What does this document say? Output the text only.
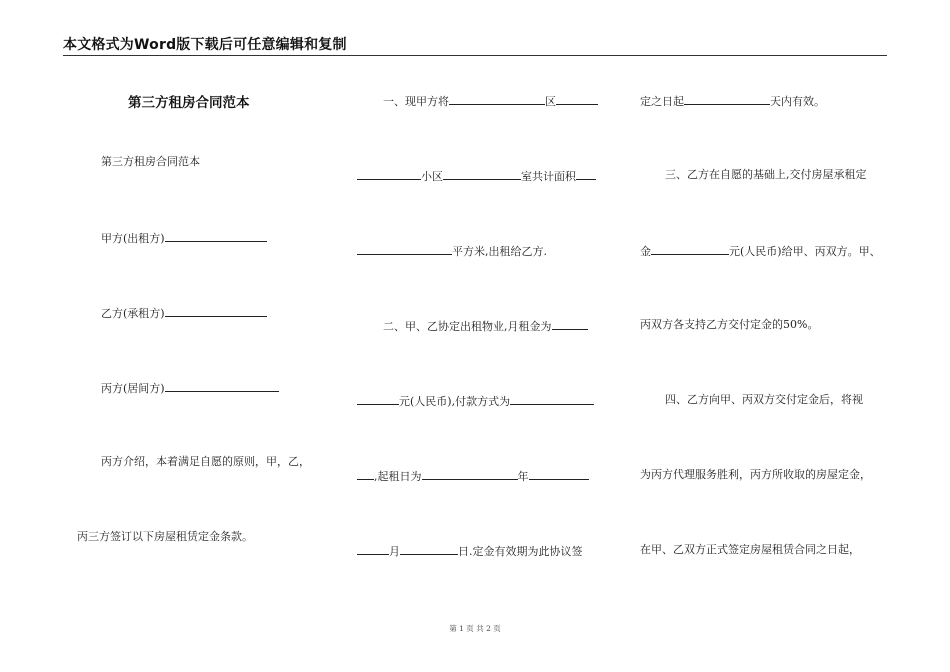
本文格式为Word版下载后可任意编辑和复制
第三方租房合同范本
第三方租房合同范本
甲方(出租方)
乙方(承租方)
丙方(居间方)
丙方介绍，本着满足自愿的原则，甲，乙，
丙三方签订以下房屋租赁定金条款。
一、现甲方将	区
小区	室共计面积
平方米,出租给乙方.
二、甲、乙协定出租物业,月租金为
元(人民币),付款方式为
,起租日为	年
月	日.定金有效期为此协议签
定之日起	天内有效。
三、乙方在自愿的基础上,交付房屋承租定
金	元(人民币)给甲、丙双方。甲、
丙双方各支持乙方交付定金的50%。
四、乙方向甲、丙双方交付定金后，将视
为丙方代理服务胜利，丙方所收取的房屋定金，
在甲、乙双方正式签定房屋租赁合同之日起，
第 1 页 共 2 页
